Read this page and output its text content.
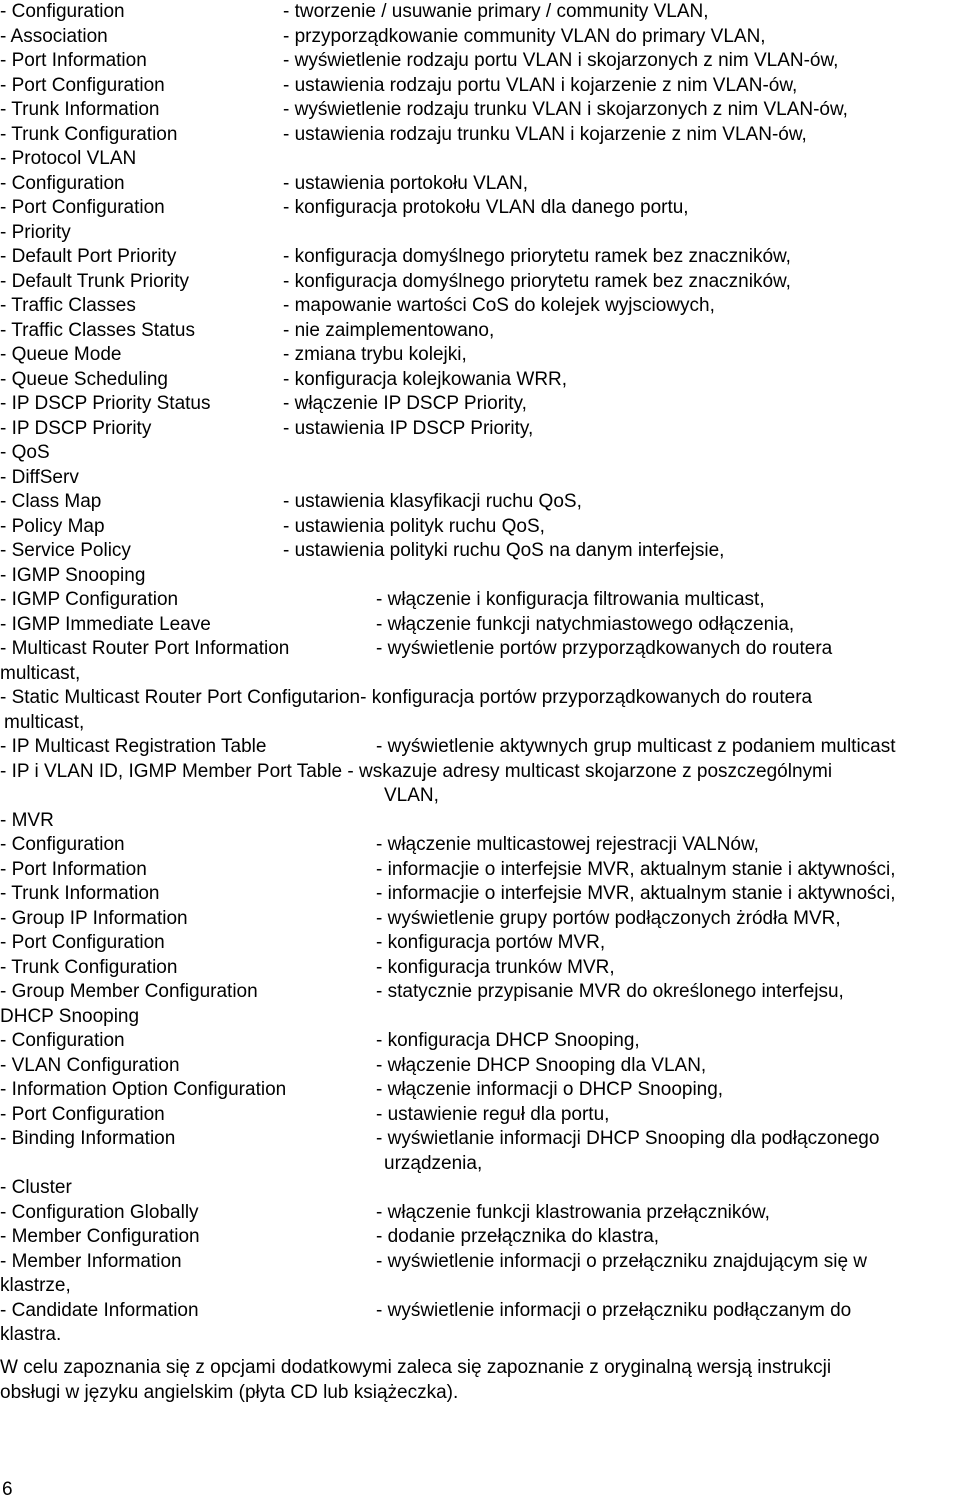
- Configuration	- tworzenie / usuwanie primary / community VLAN,
- Association	- przyporządkowanie community VLAN do primary VLAN,
- Port Information	- wyświetlenie rodzaju portu VLAN i skojarzonych z nim VLAN-ów,
- Port Configuration	- ustawienia rodzaju portu VLAN i kojarzenie z nim VLAN-ów,
- Trunk Information	- wyświetlenie rodzaju trunku VLAN i skojarzonych z nim VLAN-ów,
- Trunk Configuration	- ustawienia rodzaju trunku VLAN i kojarzenie z nim VLAN-ów,
- Protocol VLAN
- Configuration	- ustawienia portokołu VLAN,
- Port Configuration	- konfiguracja protokołu VLAN dla danego portu,
- Priority
- Default Port Priority	- konfiguracja domyślnego priorytetu ramek bez znaczników,
- Default Trunk Priority	- konfiguracja domyślnego priorytetu ramek bez znaczników,
- Traffic Classes	- mapowanie wartości CoS do kolejek wyjsciowych,
- Traffic Classes Status	- nie zaimplementowano,
- Queue Mode	- zmiana trybu kolejki,
- Queue Scheduling	- konfiguracja kolejkowania WRR,
- IP DSCP Priority Status	- włączenie IP DSCP Priority,
- IP DSCP Priority	- ustawienia IP DSCP Priority,
- QoS
- DiffServ
- Class Map	- ustawienia klasyfikacji ruchu QoS,
- Policy Map	- ustawienia polityk ruchu QoS,
- Service Policy	- ustawienia polityki ruchu QoS na danym interfejsie,
- IGMP Snooping
- IGMP Configuration	- włączenie i konfiguracja filtrowania multicast,
- IGMP Immediate Leave	- włączenie funkcji natychmiastowego odłączenia,
- Multicast Router Port Information	- wyświetlenie portów przyporządkowanych do routera
multicast,
- Static Multicast Router Port Configutarion- konfiguracja portów przyporządkowanych do routera
multicast,
- IP Multicast Registration Table	- wyświetlenie aktywnych grup multicast z podaniem multicast
- IP i VLAN ID, IGMP Member Port Table - wskazuje adresy multicast skojarzone z poszczególnymi
VLAN,
- MVR
- Configuration	- włączenie multicastowej rejestracji VALNów,
- Port Information	- informacjie o interfejsie MVR, aktualnym stanie i aktywności,
- Trunk Information	- informacjie o interfejsie MVR, aktualnym stanie i aktywności,
- Group IP Information	- wyświetlenie grupy portów podłączonych żródła MVR,
- Port Configuration	- konfiguracja portów MVR,
- Trunk Configuration	- konfiguracja trunków MVR,
- Group Member Configuration	- statycznie przypisanie MVR do określonego interfejsu,
DHCP Snooping
- Configuration	- konfiguracja DHCP Snooping,
- VLAN Configuration	- włączenie DHCP Snooping dla VLAN,
- Information Option Configuration	- włączenie informacji o DHCP Snooping,
- Port Configuration	- ustawienie reguł dla portu,
- Binding Information	- wyświetlanie informacji DHCP Snooping dla podłączonego
urządzenia,
- Cluster
- Configuration Globally	- włączenie funkcji klastrowania przełączników,
- Member Configuration	- dodanie przełącznika do klastra,
- Member Information	- wyświetlenie informacji o przełączniku znajdującym się w
klastrze,
- Candidate Information	- wyświetlenie informacji o przełączniku podłączanym do
klastra.
W celu zapoznania się z opcjami dodatkowymi zaleca się zapoznanie z oryginalną wersją instrukcji
obsługi w języku angielskim (płyta CD lub książeczka).
6
